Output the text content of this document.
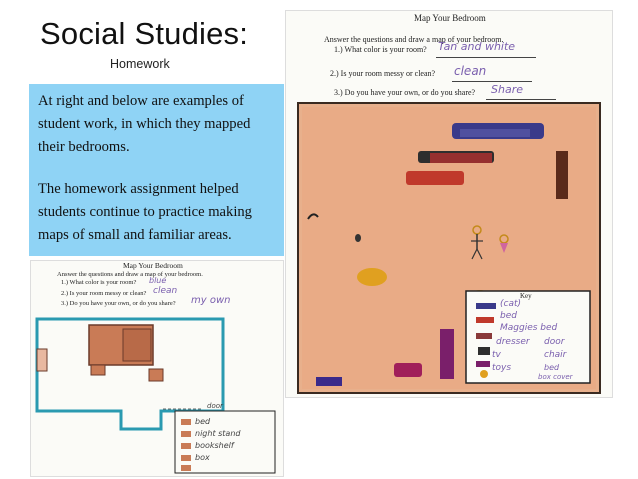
Social Studies:
Homework
At right and below are examples of student work, in which they mapped their bedrooms.
The homework assignment helped students continue to practice making maps of small and familiar areas.
Map Your Bedroom
Answer the questions and draw a map of your bedroom.
1.) What color is your room? Tan and white
2.) Is your room messy or clean? clean
3.) Do you have your own, or do you share? Share
Key
(cat)
bed
Maggies bed
dresser
tv
door
toys
chair
bed
box cover
Map Your Bedroom
Answer the questions and draw a map of your bedroom.
1.) What color is your room? blue
2.) Is your room messy or clean? clean
3.) Do you have your own, or do you share? my own
door
bed
night stand
bookshelf
box
